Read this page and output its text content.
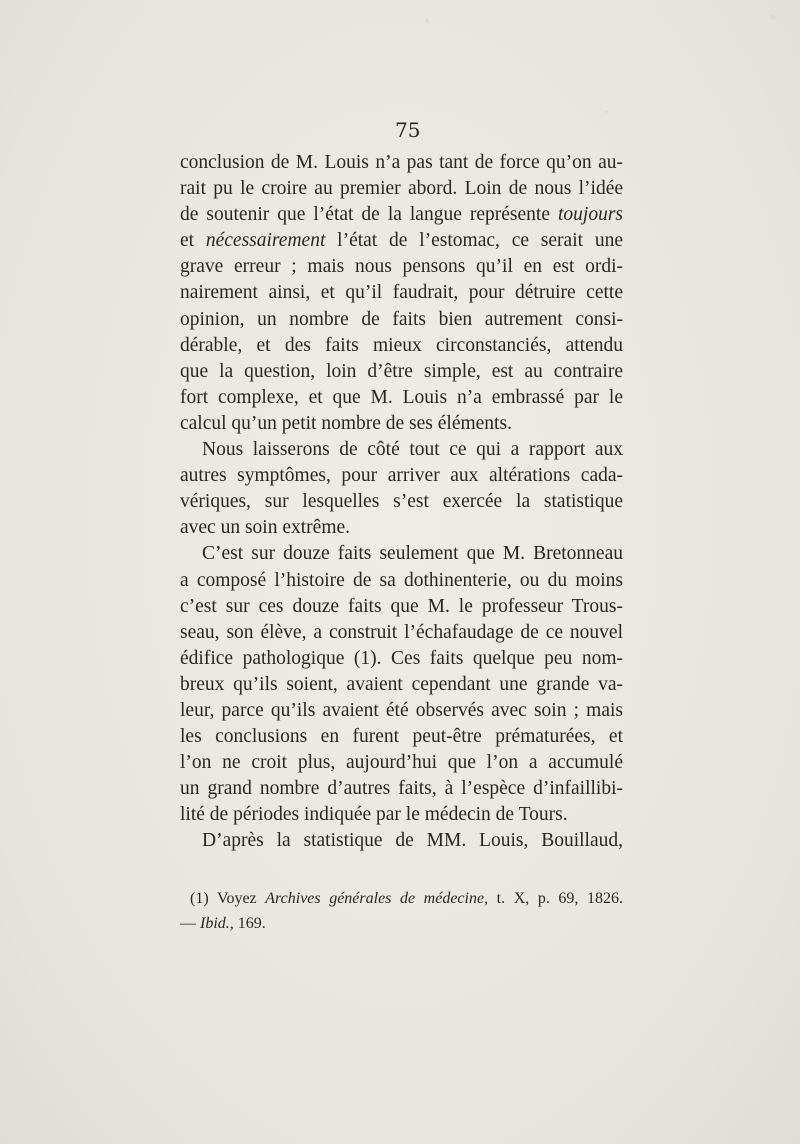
75
conclusion de M. Louis n’a pas tant de force qu’on au-
rait pu le croire au premier abord. Loin de nous l’idée
de soutenir que l’état de la langue représente toujours
et nécessairement l’état de l’estomac, ce serait une
grave erreur ; mais nous pensons qu’il en est ordi-
nairement ainsi, et qu’il faudrait, pour détruire cette
opinion, un nombre de faits bien autrement consi-
dérable, et des faits mieux circonstanciés, attendu
que la question, loin d’être simple, est au contraire
fort complexe, et que M. Louis n’a embrassé par le
calcul qu’un petit nombre de ses éléments.
Nous laisserons de côté tout ce qui a rapport aux
autres symptômes, pour arriver aux altérations cada-
vériques, sur lesquelles s’est exercée la statistique
avec un soin extrême.
C’est sur douze faits seulement que M. Bretonneau
a composé l’histoire de sa dothinenterie, ou du moins
c’est sur ces douze faits que M. le professeur Trous-
seau, son élève, a construit l’échafaudage de ce nouvel
édifice pathologique (1). Ces faits quelque peu nom-
breux qu’ils soient, avaient cependant une grande va-
leur, parce qu’ils avaient été observés avec soin ; mais
les conclusions en furent peut-être prématurées, et
l’on ne croit plus, aujourd’hui que l’on a accumulé
un grand nombre d’autres faits, à l’espèce d’infaillibi-
lité de périodes indiquée par le médecin de Tours.
D’après la statistique de MM. Louis, Bouillaud,
(1) Voyez Archives générales de médecine, t. X, p. 69, 1826.
— Ibid., 169.
